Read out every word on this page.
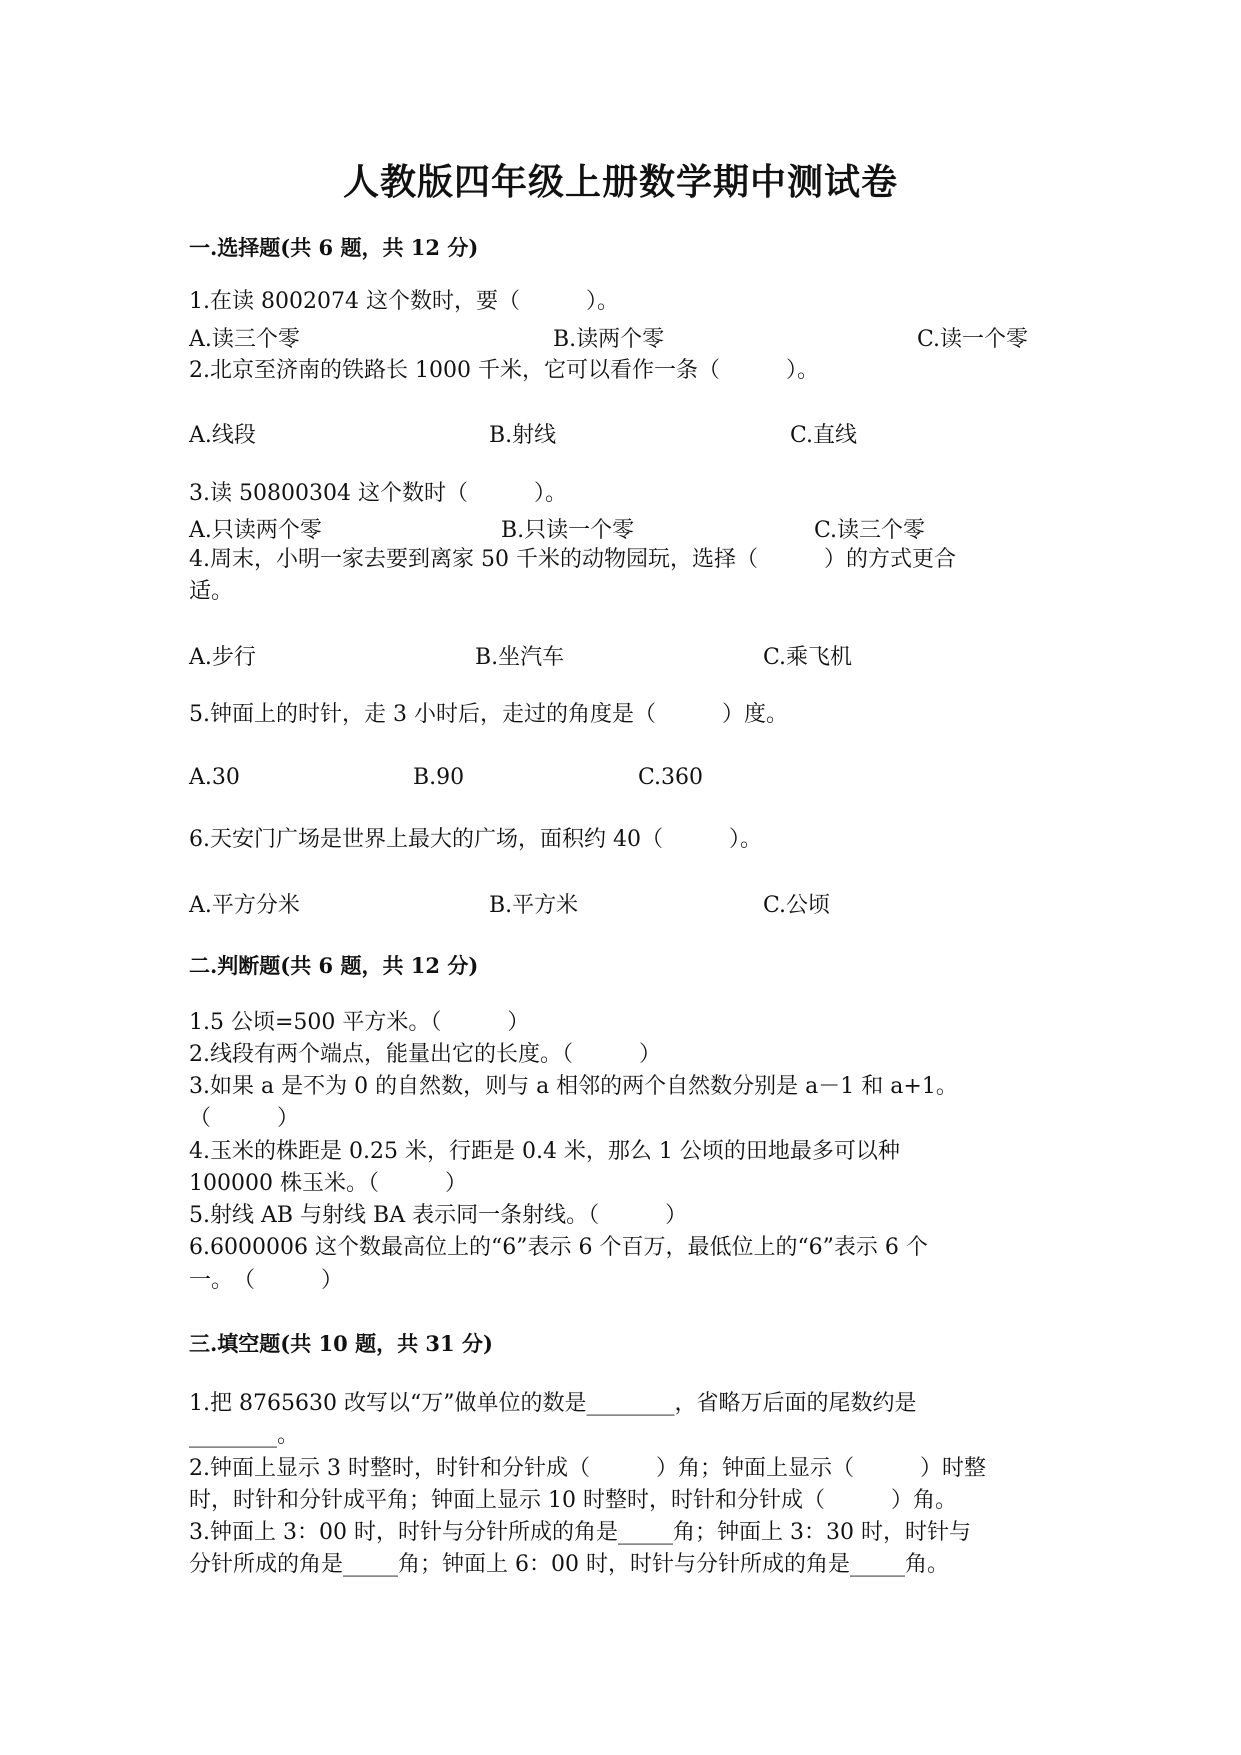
人教版四年级上册数学期中测试卷
一.选择题(共 6 题，共 12 分)
1.在读 8002074 这个数时，要（　　　）。
A.读三个零	B.读两个零	C.读一个零
2.北京至济南的铁路长 1000 千米，它可以看作一条（　　　）。
A.线段	B.射线	C.直线
3.读 50800304 这个数时（　　　）。
A.只读两个零	B.只读一个零	C.读三个零
4.周末，小明一家去要到离家 50 千米的动物园玩，选择（　　　）的方式更合
适。
A.步行	B.坐汽车	C.乘飞机
5.钟面上的时针，走 3 小时后，走过的角度是（　　　）度。
A.30	B.90	C.360
6.天安门广场是世界上最大的广场，面积约 40（　　　）。
A.平方分米	B.平方米	C.公顷
二.判断题(共 6 题，共 12 分)
1.5 公顷=500 平方米。（　　　）
2.线段有两个端点，能量出它的长度。（　　　）
3.如果 a 是不为 0 的自然数，则与 a 相邻的两个自然数分别是 a－1 和 a+1。
（　　　）
4.玉米的株距是 0.25 米，行距是 0.4 米，那么 1 公顷的田地最多可以种
100000 株玉米。（　　　）
5.射线 AB 与射线 BA 表示同一条射线。（　　　）
6.6000006 这个数最高位上的“6”表示 6 个百万，最低位上的“6”表示 6 个
一。　（　　　）
三.填空题(共 10 题，共 31 分)
1.把 8765630 改写以“万”做单位的数是________，省略万后面的尾数约是
________。
2.钟面上显示 3 时整时，时针和分针成（　　　）角；钟面上显示（　　　）时整
时，时针和分针成平角；钟面上显示 10 时整时，时针和分针成（　　　）角。
3.钟面上 3：00 时，时针与分针所成的角是_____角；钟面上 3：30 时，时针与
分针所成的角是_____角；钟面上 6：00 时，时针与分针所成的角是_____角。
